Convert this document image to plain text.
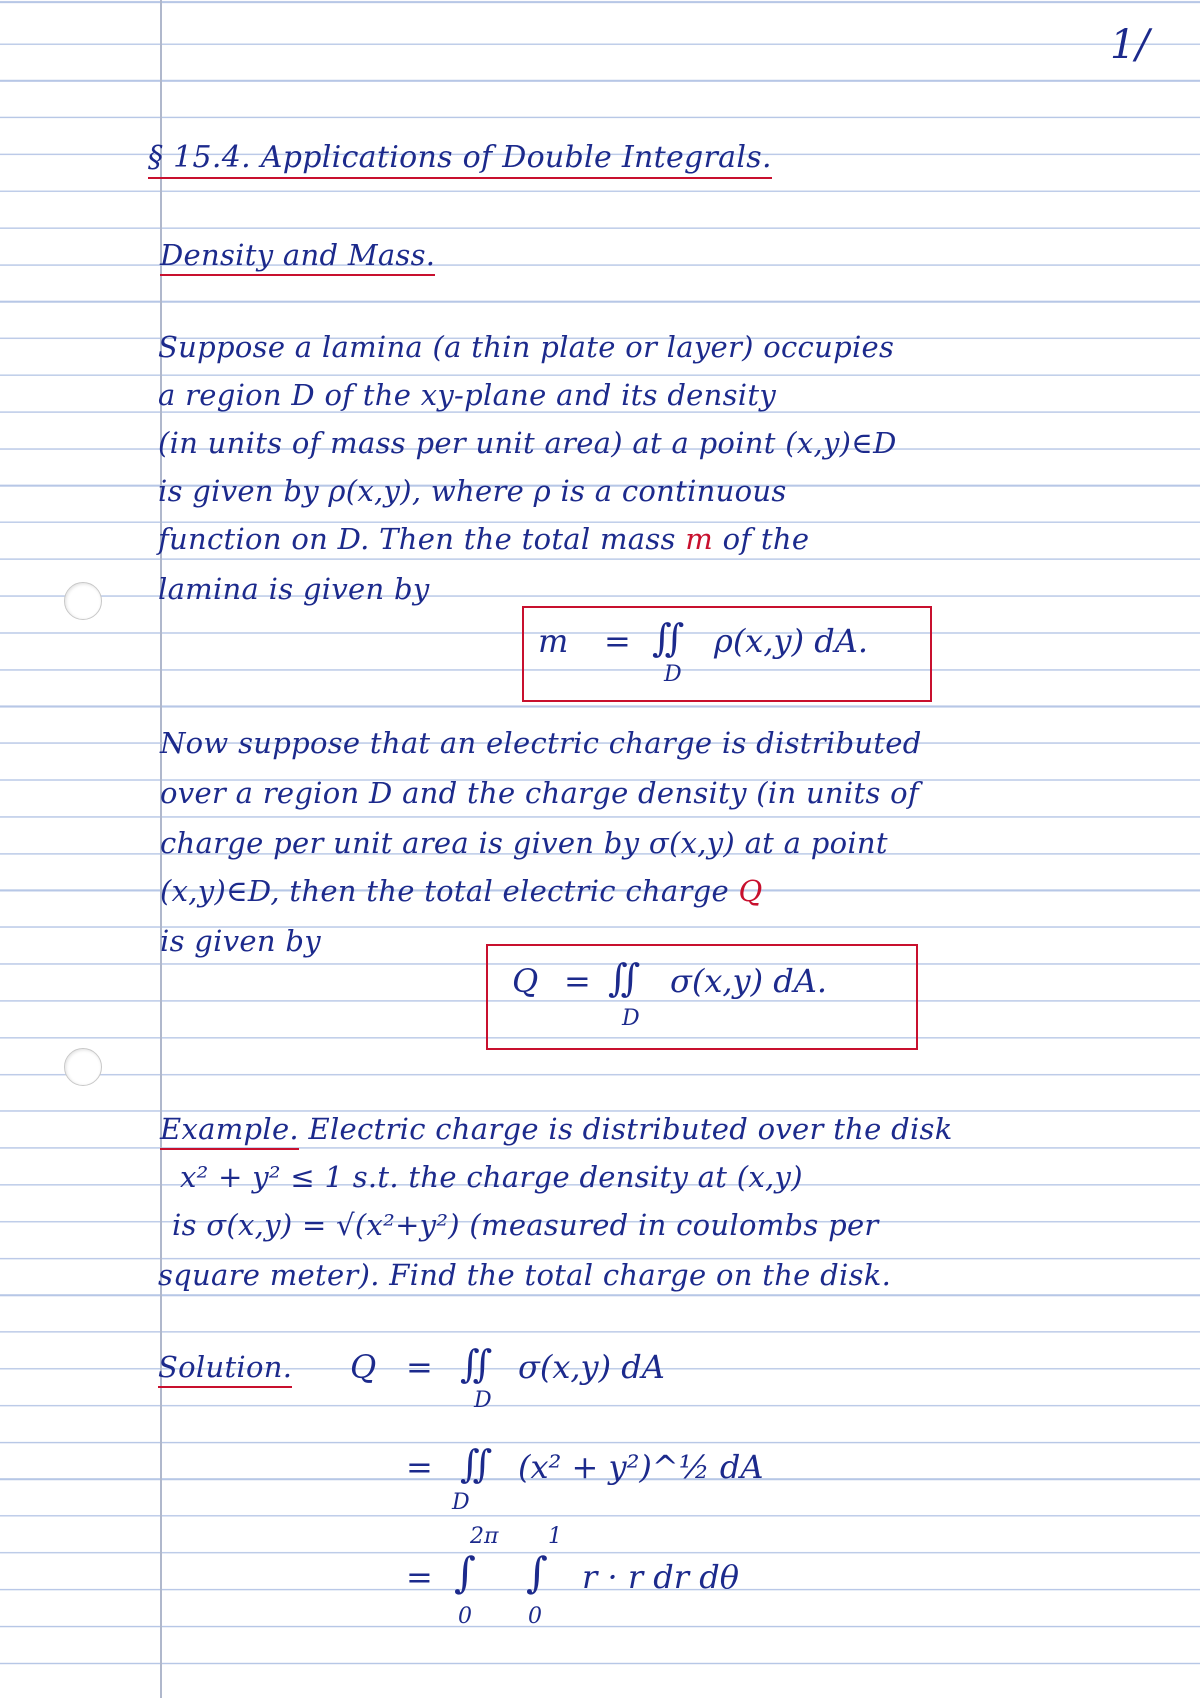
1/
§ 15.4. Applications of Double Integrals.
Density and Mass.
Suppose a lamina (a thin plate or layer) occupies
a region D of the xy-plane and its density
(in units of mass per unit area) at a point (x,y)∈D
is given by ρ(x,y), where ρ is a continuous
function on D. Then the total mass m of the
lamina is given by
m = ∬
D
ρ(x,y) dA.
Now suppose that an electric charge is distributed
over a region D and the charge density (in units of
charge per unit area is given by σ(x,y) at a point
(x,y)∈D, then the total electric charge Q
is given by
Q = ∬
D
σ(x,y) dA.
Example. Electric charge is distributed over the disk
x² + y² ≤ 1 s.t. the charge density at (x,y)
is σ(x,y) = √(x²+y²) (measured in coulombs per
square meter). Find the total charge on the disk.
Solution. Q = ∬
D
σ(x,y) dA
= ∬
D
(x² + y²)^½ dA
= ∫
2π
0
∫
1
0
r · r dr dθ
